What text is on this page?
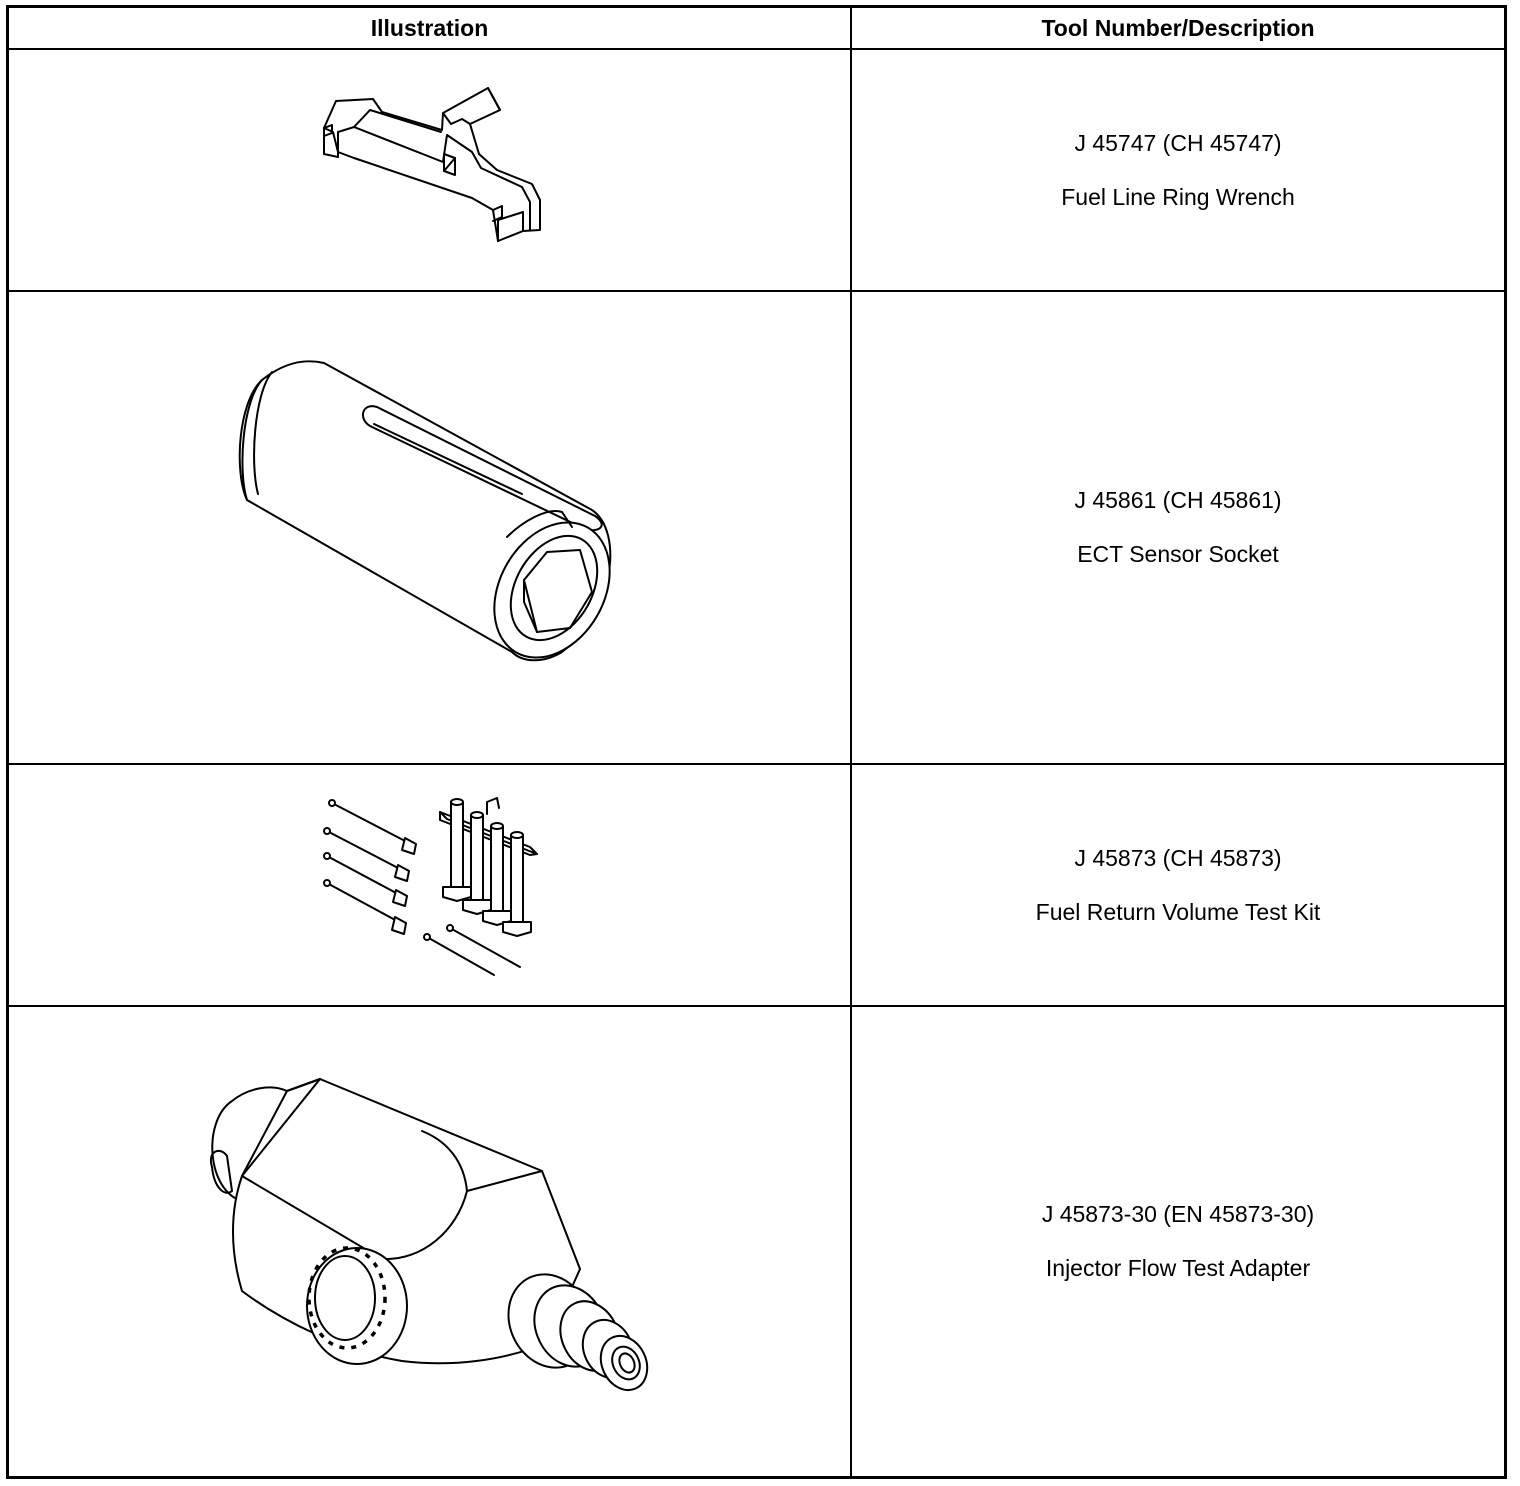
Illustration	Tool Number/Description
J 45747 (CH 45747)
Fuel Line Ring Wrench
J 45861 (CH 45861)
ECT Sensor Socket
J 45873 (CH 45873)
Fuel Return Volume Test Kit
J 45873-30 (EN 45873-30)
Injector Flow Test Adapter
